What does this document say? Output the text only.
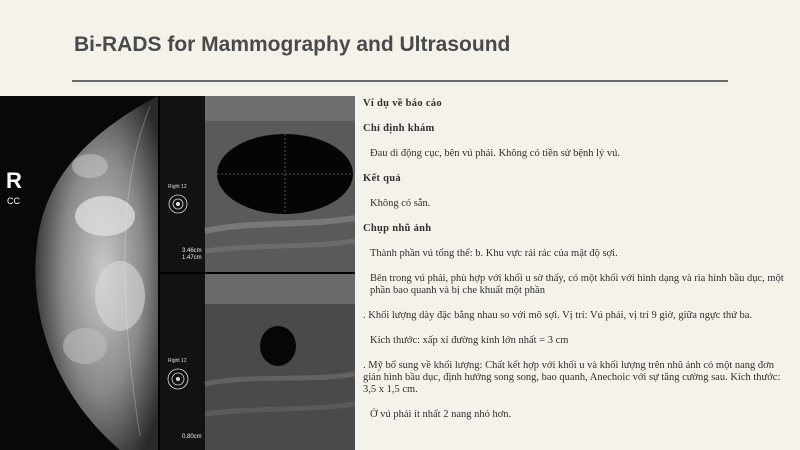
Bi-RADS for Mammography and Ultrasound
R
CC
Right 12
3.46cm
1.47cm
Right 12
0.80cm

Ví dụ về báo cáo

Chỉ định khám

Đau di động cục, bên vú phải. Không có tiền sử bệnh lý vú.

Kết quả

Không có sẵn.

Chụp nhũ ảnh

Thành phần vú tổng thể: b. Khu vực rải rác của mật độ sợi.

Bên trong vú phải, phù hợp với khối u sờ thấy, có một khối với hình dạng và rìa hình bầu dục, một phần bao quanh và bị che khuất một phần

. Khối lượng dày đặc bằng nhau so với mô sợi. Vị trí: Vú phải, vị trí 9 giờ, giữa ngực thứ ba.

Kích thước: xấp xỉ đường kính lớn nhất = 3 cm

. Mỹ bổ sung về khối lượng: Chất kết hợp với khối u và khối lượng trên nhũ ảnh có một nang đơn giản hình bầu dục, định hướng song song, bao quanh, Anechoic với sự tăng cường sau. Kích thước: 3,5 x 1,5 cm.

Ở vú phải ít nhất 2 nang nhỏ hơn.
